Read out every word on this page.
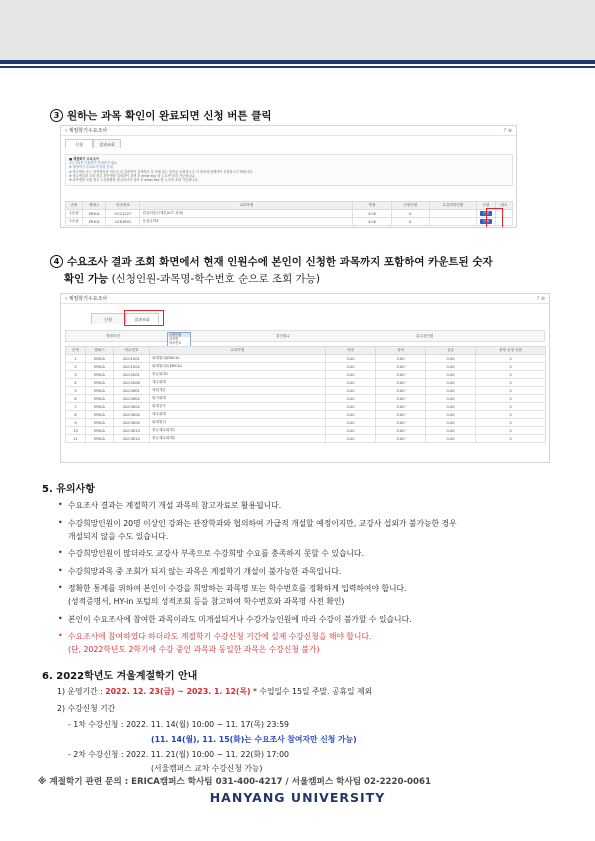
3 원하는 과목 확인이 완료되면 신청 버튼 클릭
› 계절학기수요조사	? ⊕
신청	결과조회
■ 계절학기 수요조사
1인 1과목 이용하기 안내하기 필요
※ 계절학기 수요조사 일정 안내
※ 학수번호 또는 과목명칭을 적으신 뒤 입력하여 검색하신 후 아래 있는 항목들 조회하시고 이 과목에 선택하여 신청하시기 바랍니다.
※ 학수번호를 모를 경우 과목명을 입력하여 검색 후 enter key 를 누르면 조회 가능합니다.
※ 과목명을 모를 경우 수강편람을 참고하시어 입력 후 enter key 를 누르면 조회 가능합니다.
순번	캠퍼스	학수번호	교과목명	학점	신청인원	수강희망인원	신청	취소
1순위	ERICA	CCC1227	컴퓨터통신개론(ICT 과정)	3.00	0		신청	
2순위	ERICA	CCE3901	응용수학2	3.00	0		신청	
4 수요조사 결과 조회 화면에서 현재 인원수에 본인이 신청한 과목까지 포함하여 카운트된 숫자
확인 가능 (신청인원-과목명-학수번호 순으로 조회 가능)
› 계절학기수요조사	? ⊕
신청	결과조회
정렬조건	총인원수	총수강인원
신청인원
과목명
학수번호
순번	캠퍼스	학수번호	교과목명	학점	강의	실습	현재 신청 인원
1	ERICA	ACC1001	회계원리(ERICA)	3.00	3.00	0.00	0
2	ERICA	ACC1002	회계원리2(ERICA)	3.00	3.00	0.00	0
3	ERICA	ACC2001	중급회계1	3.00	3.00	0.00	0
4	ERICA	ACC2008	재무회계	3.00	3.00	0.00	0
5	ERICA	ACC2601	세법개론	3.00	3.00	0.00	0
6	ERICA	ACC2602	원가회계	3.00	3.00	0.00	0
7	ERICA	ACC3002	회계감사	3.00	3.00	0.00	0
8	ERICA	ACC3004	세무회계	3.00	3.00	0.00	0
9	ERICA	ACC3005	회계원리	3.00	3.00	0.00	0
10	ERICA	ACC3013	중급재무회계1	3.00	3.00	0.00	0
11	ERICA	ACC3014	중급재무회계2	3.00	3.00	0.00	0
5. 유의사항
• 수요조사 결과는 계절학기 개설 과목의 참고자료로 활용됩니다.
• 수강희망인원이 20명 이상인 강좌는 관장학과와 협의하여 가급적 개설할 예정이지만, 교강사 섭외가 불가능한 경우
개설되지 않을 수도 있습니다.
• 수강희망인원이 많더라도 교강사 부족으로 수강희망 수요를 충족하지 못할 수 있습니다.
• 수강희망과목 중 조회가 되지 않는 과목은 계절학기 개설이 불가능한 과목입니다.
• 정확한 통계를 위하여 본인이 수강을 희망하는 과목명 또는 학수번호를 정확하게 입력하여야 합니다.
(성적증명서, HY-in 포털의 성적조회 등을 참고하여 학수번호와 과목명 사전 확인)
• 본인이 수요조사에 참여한 과목이라도 미개설되거나 수강가능인원에 따라 수강이 불가할 수 있습니다.
• 수요조사에 참여하였다 하더라도 계절학기 수강신청 기간에 실제 수강신청을 해야 합니다.
(단, 2022학년도 2학기에 수강 중인 과목과 동일한 과목은 수강신청 불가)
6. 2022학년도 겨울계절학기 안내
1) 운영기간 : 2022. 12. 23(금) ~ 2023. 1. 12(목) * 수업일수 15일 주말. 공휴일 제외
2) 수강신청 기간
- 1차 수강신청 : 2022. 11. 14(월) 10:00 ~ 11. 17(목) 23:59
(11. 14(월), 11. 15(화)는 수요조사 참여자만 신청 가능)
- 2차 수강신청 : 2022. 11. 21(월) 10:00 ~ 11. 22(화) 17:00
(서울캠퍼스 교차 수강신청 가능)
※ 계절학기 관련 문의 : ERICA캠퍼스 학사팀 031-400-4217 / 서울캠퍼스 학사팀 02-2220-0061
HANYANG UNIVERSITY
